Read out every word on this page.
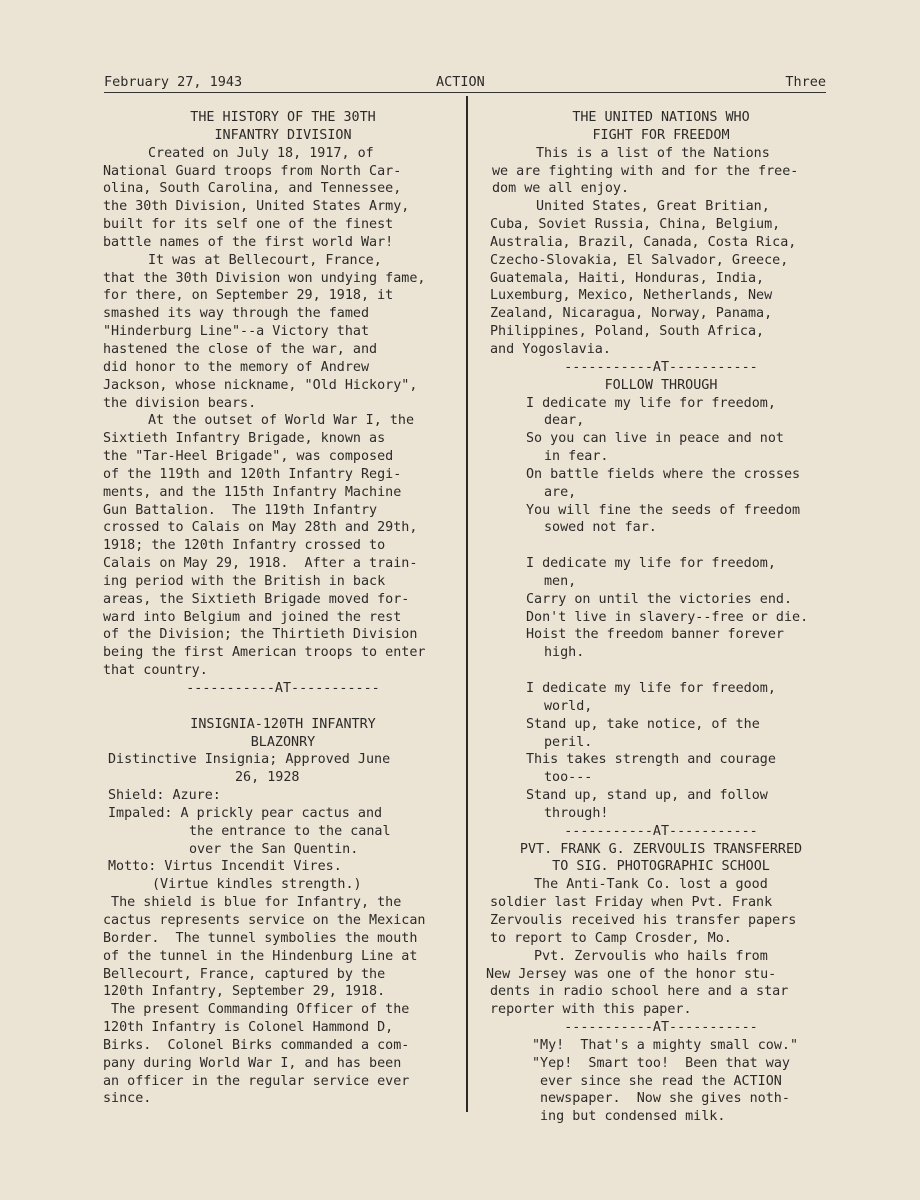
February 27, 1943	ACTION	Three

THE HISTORY OF THE 30TH

INFANTRY DIVISION

Created on July 18, 1917, of

National Guard troops from North Car-

olina, South Carolina, and Tennessee,

the 30th Division, United States Army,

built for its self one of the finest

battle names of the first world War!

It was at Bellecourt, France,

that the 30th Division won undying fame,

for there, on September 29, 1918, it

smashed its way through the famed

"Hinderburg Line"--a Victory that

hastened the close of the war, and

did honor to the memory of Andrew

Jackson, whose nickname, "Old Hickory",

the division bears.

At the outset of World War I, the

Sixtieth Infantry Brigade, known as

the "Tar-Heel Brigade", was composed

of the 119th and 120th Infantry Regi-

ments, and the 115th Infantry Machine

Gun Battalion.  The 119th Infantry

crossed to Calais on May 28th and 29th,

1918; the 120th Infantry crossed to

Calais on May 29, 1918.  After a train-

ing period with the British in back

areas, the Sixtieth Brigade moved for-

ward into Belgium and joined the rest

of the Division; the Thirtieth Division

being the first American troops to enter

that country.

-----------AT-----------

INSIGNIA-120TH INFANTRY

BLAZONRY

Distinctive Insignia; Approved June

26, 1928

Shield: Azure:

Impaled: A prickly pear cactus and

the entrance to the canal

over the San Quentin.

Motto: Virtus Incendit Vires.

(Virtue kindles strength.)

The shield is blue for Infantry, the

cactus represents service on the Mexican

Border.  The tunnel symbolies the mouth

of the tunnel in the Hindenburg Line at

Bellecourt, France, captured by the

120th Infantry, September 29, 1918.

The present Commanding Officer of the

120th Infantry is Colonel Hammond D,

Birks.  Colonel Birks commanded a com-

pany during World War I, and has been

an officer in the regular service ever

since.

THE UNITED NATIONS WHO

FIGHT FOR FREEDOM

This is a list of the Nations

we are fighting with and for the free-

dom we all enjoy.

United States, Great Britian,

Cuba, Soviet Russia, China, Belgium,

Australia, Brazil, Canada, Costa Rica,

Czecho-Slovakia, El Salvador, Greece,

Guatemala, Haiti, Honduras, India,

Luxemburg, Mexico, Netherlands, New

Zealand, Nicaragua, Norway, Panama,

Philippines, Poland, South Africa,

and Yogoslavia.

-----------AT-----------

FOLLOW THROUGH

I dedicate my life for freedom,

dear,

So you can live in peace and not

in fear.

On battle fields where the crosses

are,

You will fine the seeds of freedom

sowed not far.

I dedicate my life for freedom,

men,

Carry on until the victories end.

Don't live in slavery--free or die.

Hoist the freedom banner forever

high.

I dedicate my life for freedom,

world,

Stand up, take notice, of the

peril.

This takes strength and courage

too---

Stand up, stand up, and follow

through!

-----------AT-----------

PVT. FRANK G. ZERVOULIS TRANSFERRED

TO SIG. PHOTOGRAPHIC SCHOOL

The Anti-Tank Co. lost a good

soldier last Friday when Pvt. Frank

Zervoulis received his transfer papers

to report to Camp Crosder, Mo.

Pvt. Zervoulis who hails from

New Jersey was one of the honor stu-

dents in radio school here and a star

reporter with this paper.

-----------AT-----------

"My!  That's a mighty small cow."

"Yep!  Smart too!  Been that way

ever since she read the ACTION

newspaper.  Now she gives noth-

ing but condensed milk.
